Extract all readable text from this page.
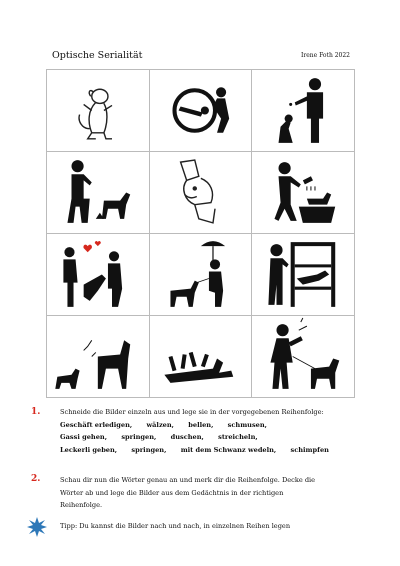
Optische Serialität	Irene Foth 2022
1.	Schneide die Bilder einzeln aus und lege sie in der vorgegebenen Reihenfolge:
Geschäft erledigen, wälzen, bellen, schmusen,
Gassi gehen, springen, duschen, streicheln,
Leckerli geben, springen, mit dem Schwanz wedeln, schimpfen
2.	Schau dir nun die Wörter genau an und merk dir die Reihenfolge. Decke die
Wörter ab und lege die Bilder aus dem Gedächtnis in der richtigen
Reihenfolge.
Tipp: Du kannst die Bilder nach und nach, in einzelnen Reihen legen
